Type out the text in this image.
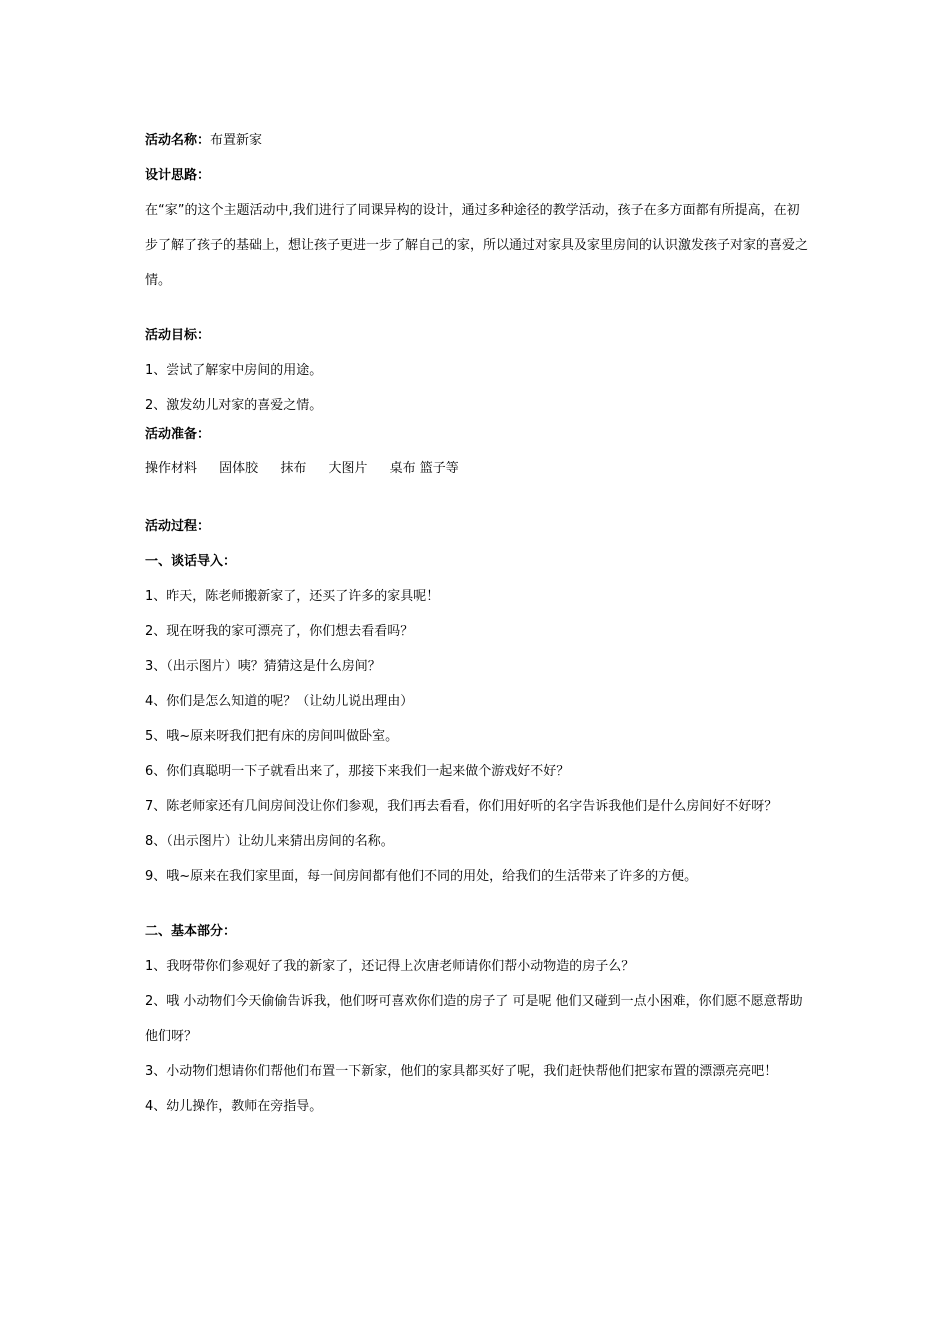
活动名称：布置新家
设计思路：
在“家”的这个主题活动中,我们进行了同课异构的设计，通过多种途径的教学活动，孩子在多方面都有所提高，在初步了解了孩子的基础上，想让孩子更进一步了解自己的家，所以通过对家具及家里房间的认识激发孩子对家的喜爱之情。
活动目标：
1、尝试了解家中房间的用途。
2、激发幼儿对家的喜爱之情。
活动准备：
操作材料 固体胶 抹布 大图片 桌布 篮子等
活动过程：
一、谈话导入：
1、昨天，陈老师搬新家了，还买了许多的家具呢！
2、现在呀我的家可漂亮了，你们想去看看吗？
3、（出示图片）咦？猜猜这是什么房间？
4、你们是怎么知道的呢？（让幼儿说出理由）
5、哦~原来呀我们把有床的房间叫做卧室。
6、你们真聪明一下子就看出来了，那接下来我们一起来做个游戏好不好？
7、陈老师家还有几间房间没让你们参观，我们再去看看，你们用好听的名字告诉我他们是什么房间好不好呀？
8、（出示图片）让幼儿来猜出房间的名称。
9、哦~原来在我们家里面，每一间房间都有他们不同的用处，给我们的生活带来了许多的方便。
二、基本部分：
1、我呀带你们参观好了我的新家了，还记得上次唐老师请你们帮小动物造的房子么？
2、哦 小动物们今天偷偷告诉我，他们呀可喜欢你们造的房子了 可是呢 他们又碰到一点小困难，你们愿不愿意帮助他们呀？
3、小动物们想请你们帮他们布置一下新家，他们的家具都买好了呢，我们赶快帮他们把家布置的漂漂亮亮吧！
4、幼儿操作，教师在旁指导。
